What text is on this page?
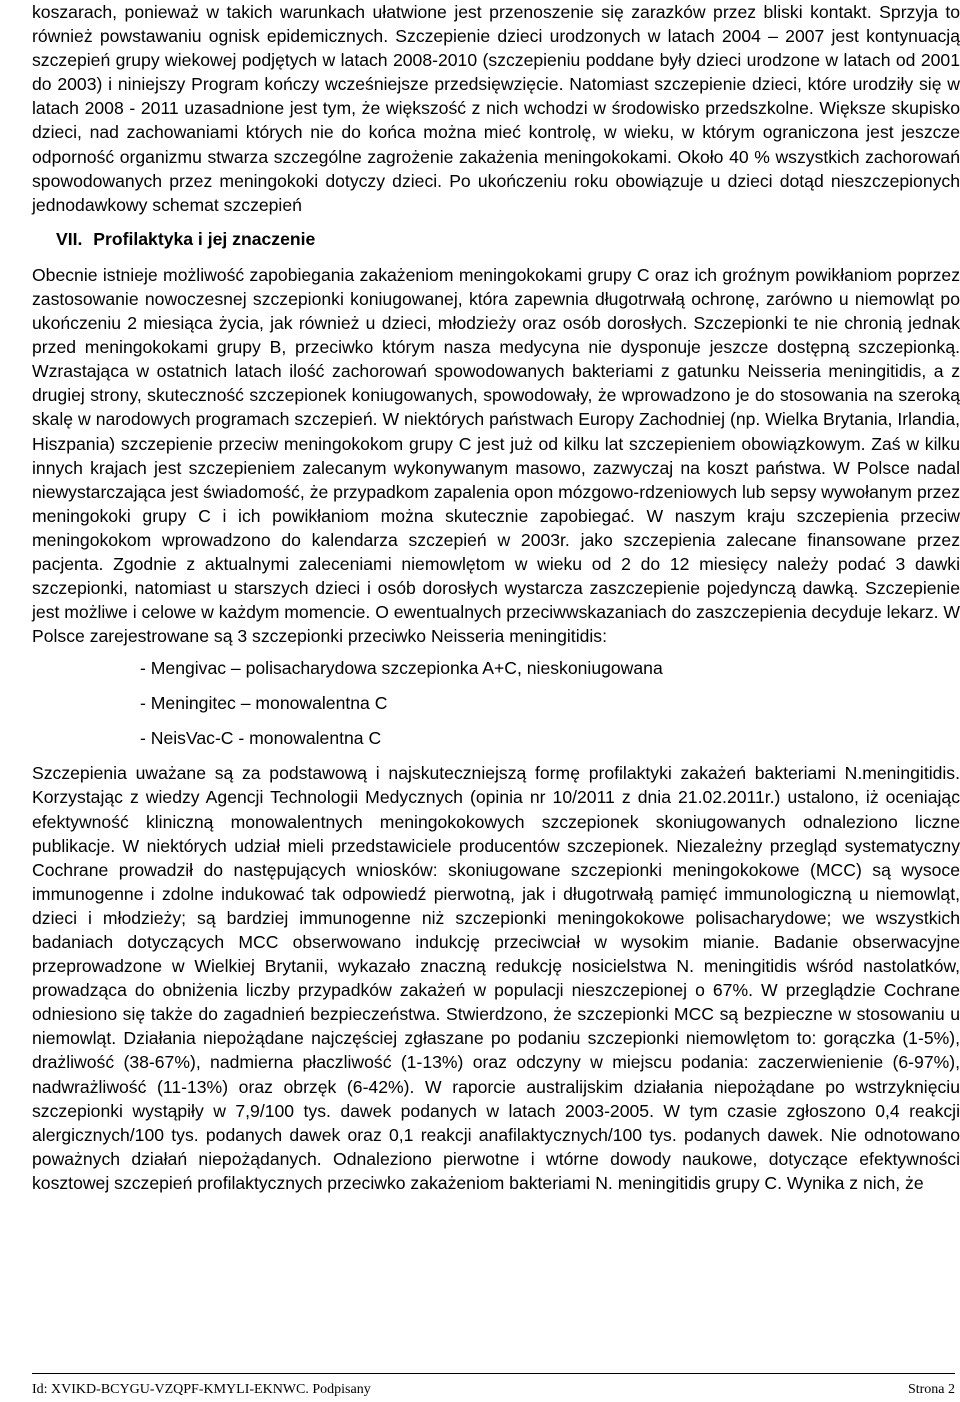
koszarach, ponieważ w takich warunkach ułatwione jest przenoszenie się zarazków przez bliski kontakt. Sprzyja to również powstawaniu ognisk epidemicznych. Szczepienie dzieci urodzonych w latach 2004 – 2007 jest kontynuacją szczepień grupy wiekowej podjętych w latach 2008-2010 (szczepieniu poddane były dzieci urodzone w latach od 2001 do 2003) i niniejszy Program kończy wcześniejsze przedsięwzięcie. Natomiast szczepienie dzieci, które urodziły się w latach 2008 - 2011 uzasadnione jest tym, że większość z nich wchodzi w środowisko przedszkolne. Większe skupisko dzieci, nad zachowaniami których nie do końca można mieć kontrolę, w wieku, w którym ograniczona jest jeszcze odporność organizmu stwarza szczególne zagrożenie zakażenia meningokokami. Około 40 % wszystkich zachorowań spowodowanych przez meningokoki dotyczy dzieci. Po ukończeniu roku obowiązuje u dzieci dotąd nieszczepionych jednodawkowy schemat szczepień

VII. Profilaktyka i jej znaczenie

Obecnie istnieje możliwość zapobiegania zakażeniom meningokokami grupy C oraz ich groźnym powikłaniom poprzez zastosowanie nowoczesnej szczepionki koniugowanej, która zapewnia długotrwałą ochronę, zarówno u niemowląt po ukończeniu 2 miesiąca życia, jak również u dzieci, młodzieży oraz osób dorosłych. Szczepionki te nie chronią jednak przed meningokokami grupy B, przeciwko którym nasza medycyna nie dysponuje jeszcze dostępną szczepionką. Wzrastająca w ostatnich latach ilość zachorowań spowodowanych bakteriami z gatunku Neisseria meningitidis, a z drugiej strony, skuteczność szczepionek koniugowanych, spowodowały, że wprowadzono je do stosowania na szeroką skalę w narodowych programach szczepień. W niektórych państwach Europy Zachodniej (np. Wielka Brytania, Irlandia, Hiszpania) szczepienie przeciw meningokokom grupy C jest już od kilku lat szczepieniem obowiązkowym. Zaś w kilku innych krajach jest szczepieniem zalecanym wykonywanym masowo, zazwyczaj na koszt państwa. W Polsce nadal niewystarczająca jest świadomość, że przypadkom zapalenia opon mózgowo-rdzeniowych lub sepsy wywołanym przez meningokoki grupy C i ich powikłaniom można skutecznie zapobiegać. W naszym kraju szczepienia przeciw meningokokom wprowadzono do kalendarza szczepień w 2003r. jako szczepienia zalecane finansowane przez pacjenta. Zgodnie z aktualnymi zaleceniami niemowlętom w wieku od 2 do 12 miesięcy należy podać 3 dawki szczepionki, natomiast u starszych dzieci i osób dorosłych wystarcza zaszczepienie pojedynczą dawką. Szczepienie jest możliwe i celowe w każdym momencie. O ewentualnych przeciwwskazaniach do zaszczepienia decyduje lekarz. W Polsce zarejestrowane są 3 szczepionki przeciwko Neisseria meningitidis:

- Mengivac – polisacharydowa szczepionka A+C, nieskoniugowana
- Meningitec – monowalentna C
- NeisVac-C - monowalentna C

Szczepienia uważane są za podstawową i najskuteczniejszą formę profilaktyki zakażeń bakteriami N.meningitidis. Korzystając z wiedzy Agencji Technologii Medycznych (opinia nr 10/2011 z dnia 21.02.2011r.) ustalono, iż oceniając efektywność kliniczną monowalentnych meningokokowych szczepionek skoniugowanych odnaleziono liczne publikacje. W niektórych udział mieli przedstawiciele producentów szczepionek. Niezależny przegląd systematyczny Cochrane prowadził do następujących wniosków: skoniugowane szczepionki meningokokowe (MCC) są wysoce immunogenne i zdolne indukować tak odpowiedź pierwotną, jak i długotrwałą pamięć immunologiczną u niemowląt, dzieci i młodzieży; są bardziej immunogenne niż szczepionki meningokokowe polisacharydowe; we wszystkich badaniach dotyczących MCC obserwowano indukcję przeciwciał w wysokim mianie. Badanie obserwacyjne przeprowadzone w Wielkiej Brytanii, wykazało znaczną redukcję nosicielstwa N. meningitidis wśród nastolatków, prowadząca do obniżenia liczby przypadków zakażeń w populacji nieszczepionej o 67%. W przeglądzie Cochrane odniesiono się także do zagadnień bezpieczeństwa. Stwierdzono, że szczepionki MCC są bezpieczne w stosowaniu u niemowląt. Działania niepożądane najczęściej zgłaszane po podaniu szczepionki niemowlętom to: gorączka (1-5%), drażliwość (38-67%), nadmierna płaczliwość (1-13%) oraz odczyny w miejscu podania: zaczerwienienie (6-97%), nadwrażliwość (11-13%) oraz obrzęk (6-42%). W raporcie australijskim działania niepożądane po wstrzyknięciu szczepionki wystąpiły w 7,9/100 tys. dawek podanych w latach 2003-2005. W tym czasie zgłoszono 0,4 reakcji alergicznych/100 tys. podanych dawek oraz 0,1 reakcji anafilaktycznych/100 tys. podanych dawek. Nie odnotowano poważnych działań niepożądanych. Odnaleziono pierwotne i wtórne dowody naukowe, dotyczące efektywności kosztowej szczepień profilaktycznych przeciwko zakażeniom bakteriami N. meningitidis grupy C. Wynika z nich, że

Id: XVIKD-BCYGU-VZQPF-KMYLI-EKNWC. Podpisany	Strona 2
